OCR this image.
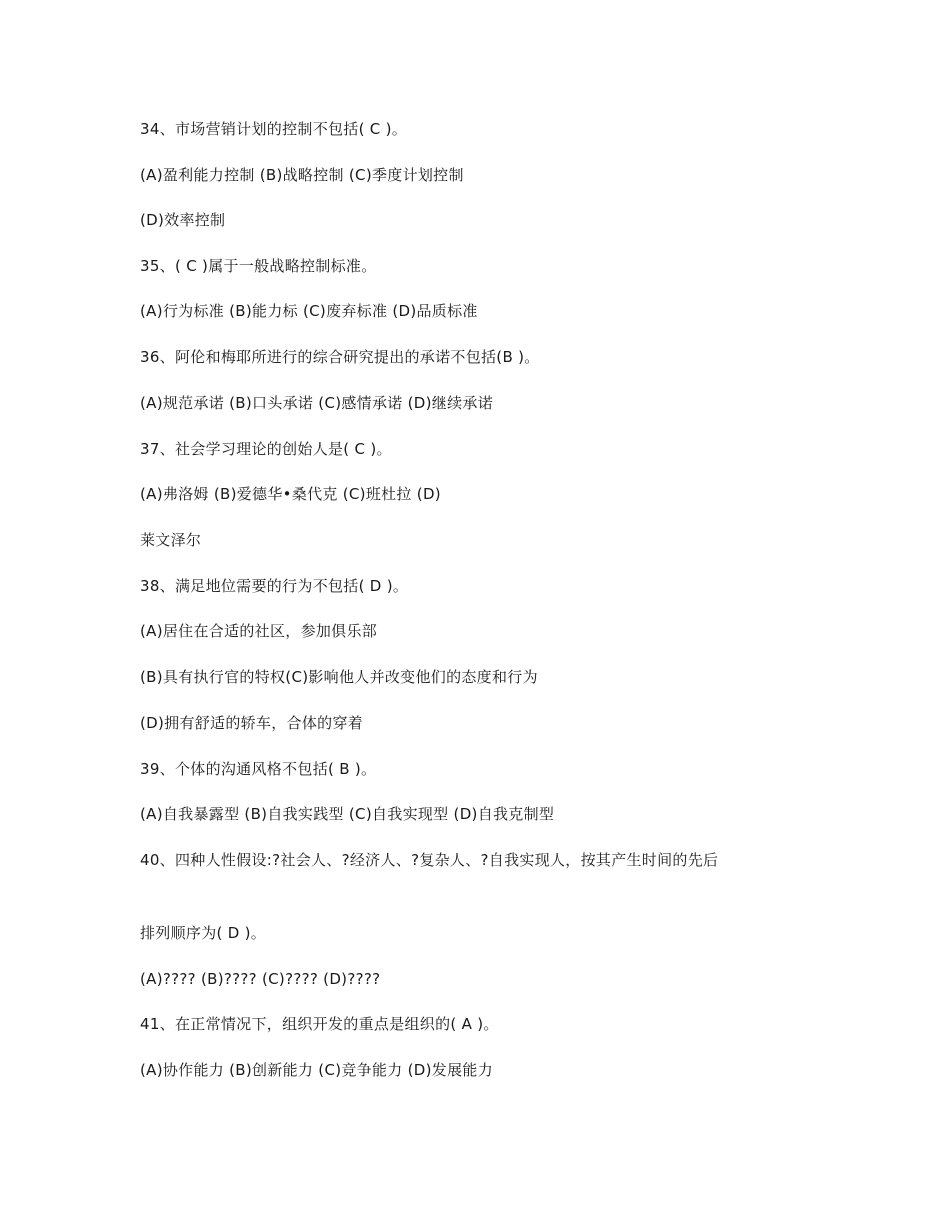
34、市场营销计划的控制不包括( C )。
(A)盈利能力控制 (B)战略控制 (C)季度计划控制
(D)效率控制
35、( C )属于一般战略控制标准。
(A)行为标准 (B)能力标 (C)废弃标准 (D)品质标准
36、阿伦和梅耶所进行的综合研究提出的承诺不包括(B )。
(A)规范承诺 (B)口头承诺 (C)感情承诺 (D)继续承诺
37、社会学习理论的创始人是( C )。
(A)弗洛姆 (B)爱德华•桑代克 (C)班杜拉 (D)
莱文泽尔
38、满足地位需要的行为不包括( D )。
(A)居住在合适的社区，参加俱乐部
(B)具有执行官的特权(C)影响他人并改变他们的态度和行为
(D)拥有舒适的轿车，合体的穿着
39、个体的沟通风格不包括( B )。
(A)自我暴露型 (B)自我实践型 (C)自我实现型 (D)自我克制型
40、四种人性假设:?社会人、?经济人、?复杂人、?自我实现人，按其产生时间的先后
排列顺序为( D )。
(A)???? (B)???? (C)???? (D)????
41、在正常情况下，组织开发的重点是组织的( A )。
(A)协作能力 (B)创新能力 (C)竞争能力 (D)发展能力
